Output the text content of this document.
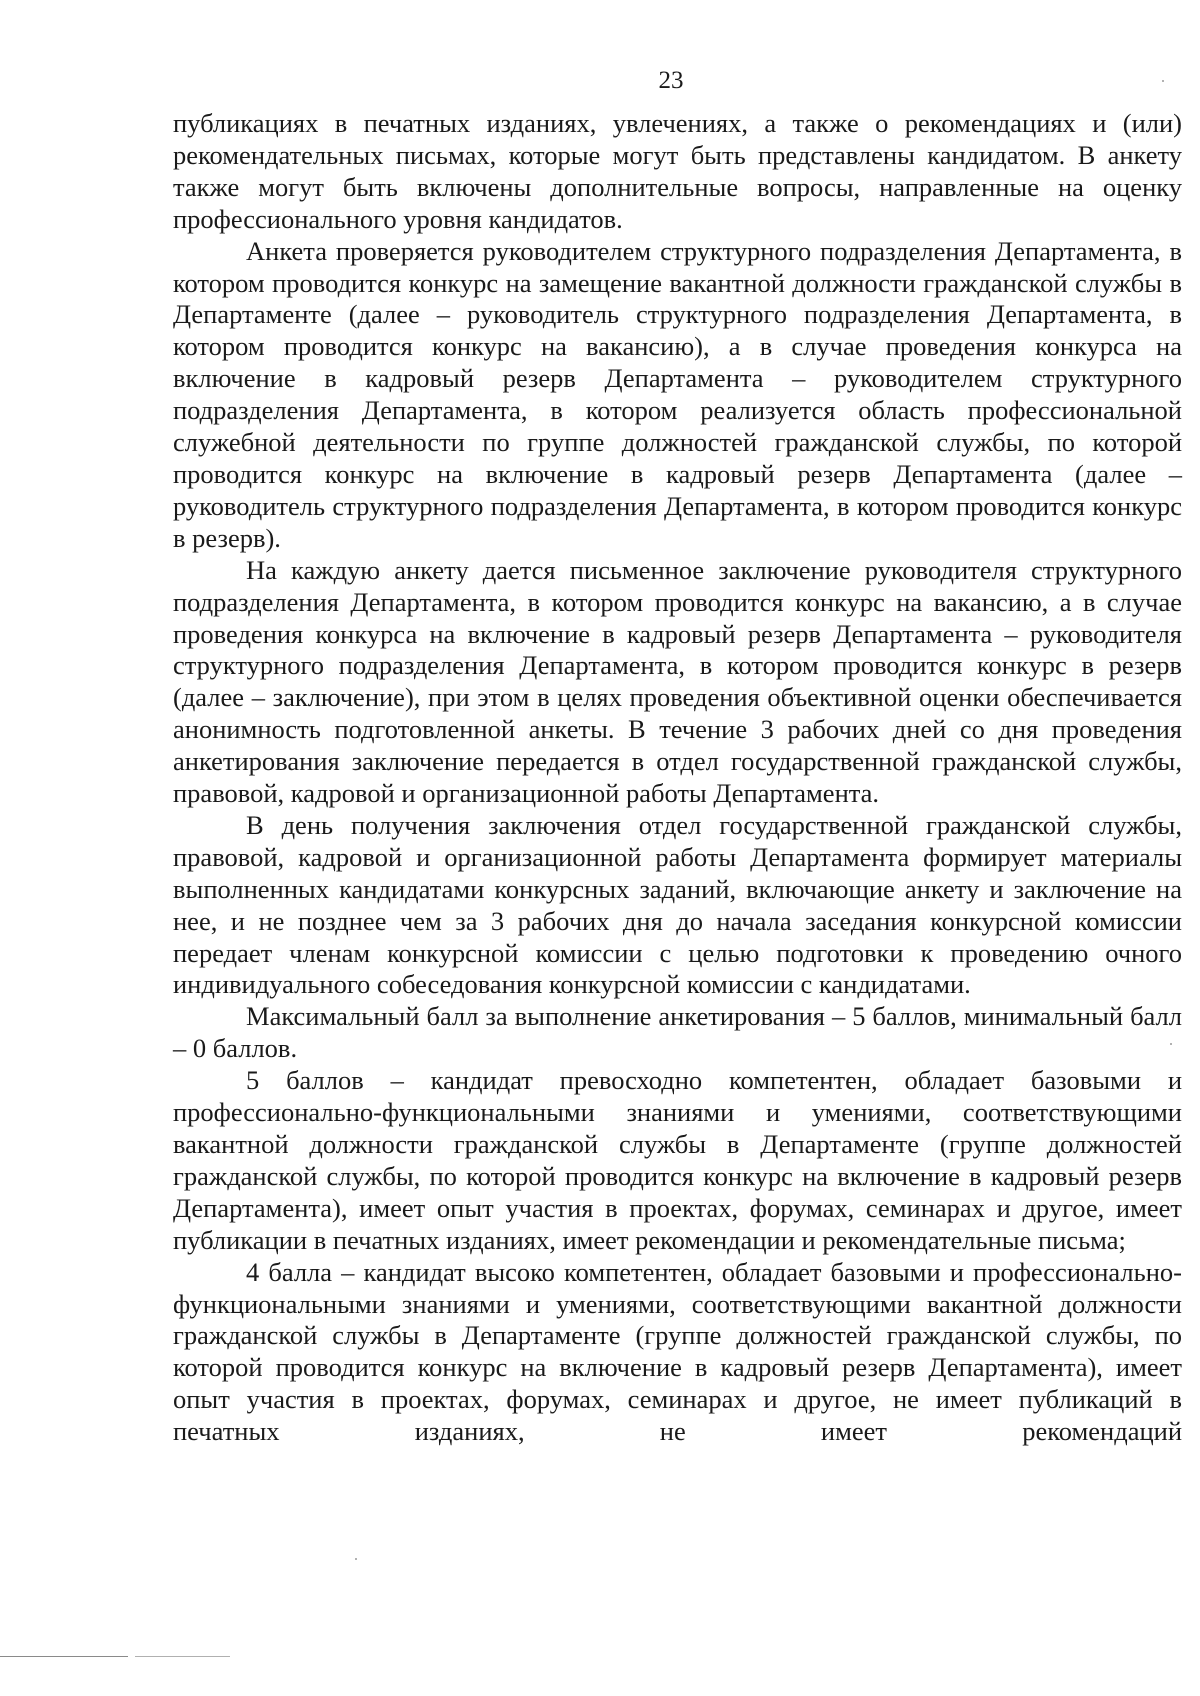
23

публикациях в печатных изданиях, увлечениях, а также о рекомендациях и (или) рекомендательных письмах, которые могут быть представлены кандидатом. В анкету также могут быть включены дополнительные вопросы, направленные на оценку профессионального уровня кандидатов.

Анкета проверяется руководителем структурного подразделения Департамента, в котором проводится конкурс на замещение вакантной должности гражданской службы в Департаменте (далее – руководитель структурного подразделения Департамента, в котором проводится конкурс на вакансию), а в случае проведения конкурса на включение в кадровый резерв Департамента – руководителем структурного подразделения Департамента, в котором реализуется область профессиональной служебной деятельности по группе должностей гражданской службы, по которой проводится конкурс на включение в кадровый резерв Департамента (далее – руководитель структурного подразделения Департамента, в котором проводится конкурс в резерв).

На каждую анкету дается письменное заключение руководителя структурного подразделения Департамента, в котором проводится конкурс на вакансию, а в случае проведения конкурса на включение в кадровый резерв Департамента – руководителя структурного подразделения Департамента, в котором проводится конкурс в резерв (далее – заключение), при этом в целях проведения объективной оценки обеспечивается анонимность подготовленной анкеты. В течение 3 рабочих дней со дня проведения анкетирования заключение передается в отдел государственной гражданской службы, правовой, кадровой и организационной работы Департамента.

В день получения заключения отдел государственной гражданской службы, правовой, кадровой и организационной работы Департамента формирует материалы выполненных кандидатами конкурсных заданий, включающие анкету и заключение на нее, и не позднее чем за 3 рабочих дня до начала заседания конкурсной комиссии передает членам конкурсной комиссии с целью подготовки к проведению очного индивидуального собеседования конкурсной комиссии с кандидатами.

Максимальный балл за выполнение анкетирования – 5 баллов, минимальный балл – 0 баллов.

5 баллов – кандидат превосходно компетентен, обладает базовыми и профессионально-функциональными знаниями и умениями, соответствующими вакантной должности гражданской службы в Департаменте (группе должностей гражданской службы, по которой проводится конкурс на включение в кадровый резерв Департамента), имеет опыт участия в проектах, форумах, семинарах и другое, имеет публикации в печатных изданиях, имеет рекомендации и рекомендательные письма;

4 балла – кандидат высоко компетентен, обладает базовыми и профессионально-функциональными знаниями и умениями, соответствующими вакантной должности гражданской службы в Департаменте (группе должностей гражданской службы, по которой проводится конкурс на включение в кадровый резерв Департамента), имеет опыт участия в проектах, форумах, семинарах и другое, не имеет публикаций в печатных изданиях, не имеет рекомендаций
